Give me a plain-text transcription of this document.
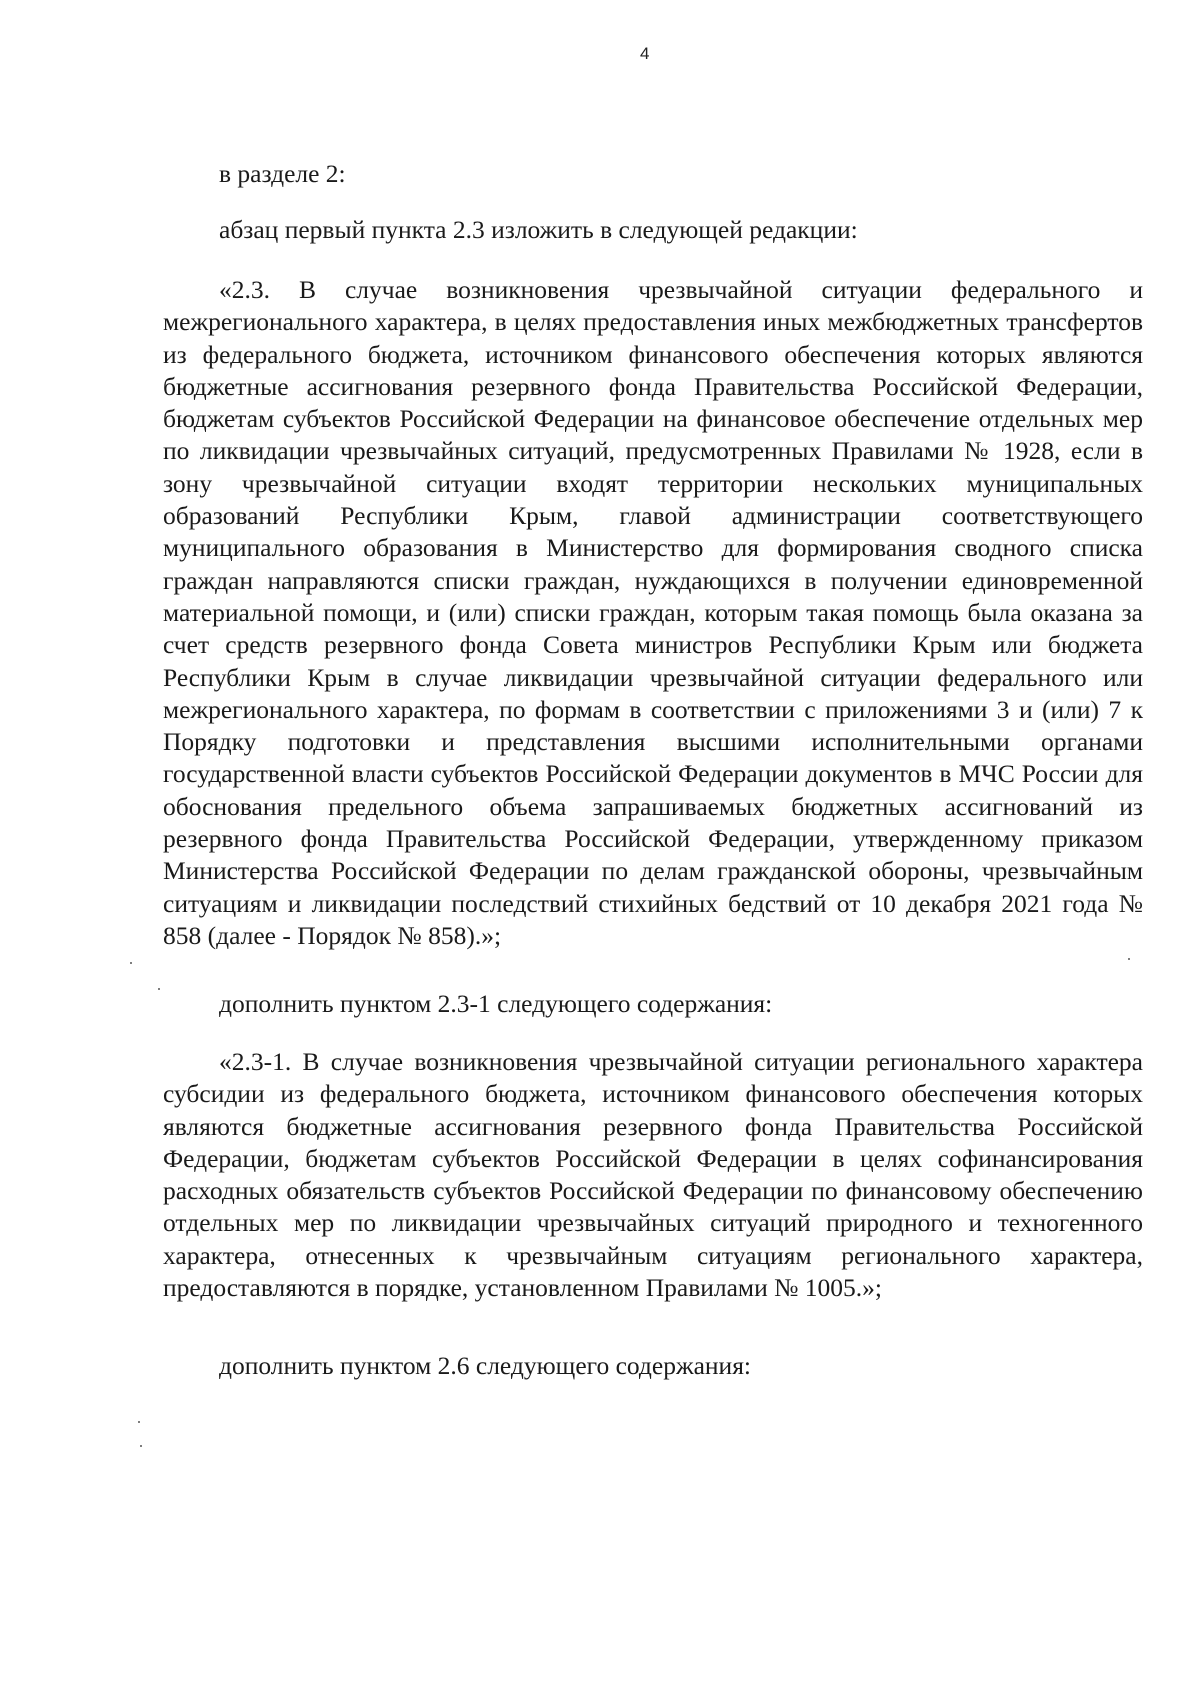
4

в разделе 2:

абзац первый пункта 2.3 изложить в следующей редакции:

«2.3. В случае возникновения чрезвычайной ситуации федерального и межрегионального характера, в целях предоставления иных межбюджетных трансфертов из федерального бюджета, источником финансового обеспечения которых являются бюджетные ассигнования резервного фонда Правительства Российской Федерации, бюджетам субъектов Российской Федерации на финансовое обеспечение отдельных мер по ликвидации чрезвычайных ситуаций, предусмотренных Правилами № 1928, если в зону чрезвычайной ситуации входят территории нескольких муниципальных образований Республики Крым, главой администрации соответствующего муниципального образования в Министерство для формирования сводного списка граждан направляются списки граждан, нуждающихся в получении единовременной материальной помощи, и (или) списки граждан, которым такая помощь была оказана за счет средств резервного фонда Совета министров Республики Крым или бюджета Республики Крым в случае ликвидации чрезвычайной ситуации федерального или межрегионального характера, по формам в соответствии с приложениями 3 и (или) 7 к Порядку подготовки и представления высшими исполнительными органами государственной власти субъектов Российской Федерации документов в МЧС России для обоснования предельного объема запрашиваемых бюджетных ассигнований из резервного фонда Правительства Российской Федерации, утвержденному приказом Министерства Российской Федерации по делам гражданской обороны, чрезвычайным ситуациям и ликвидации последствий стихийных бедствий от 10 декабря 2021 года № 858 (далее - Порядок № 858).»;

дополнить пунктом 2.3-1 следующего содержания:

«2.3-1. В случае возникновения чрезвычайной ситуации регионального характера субсидии из федерального бюджета, источником финансового обеспечения которых являются бюджетные ассигнования резервного фонда Правительства Российской Федерации, бюджетам субъектов Российской Федерации в целях софинансирования расходных обязательств субъектов Российской Федерации по финансовому обеспечению отдельных мер по ликвидации чрезвычайных ситуаций природного и техногенного характера, отнесенных к чрезвычайным ситуациям регионального характера, предоставляются в порядке, установленном Правилами № 1005.»;

дополнить пунктом 2.6 следующего содержания:
